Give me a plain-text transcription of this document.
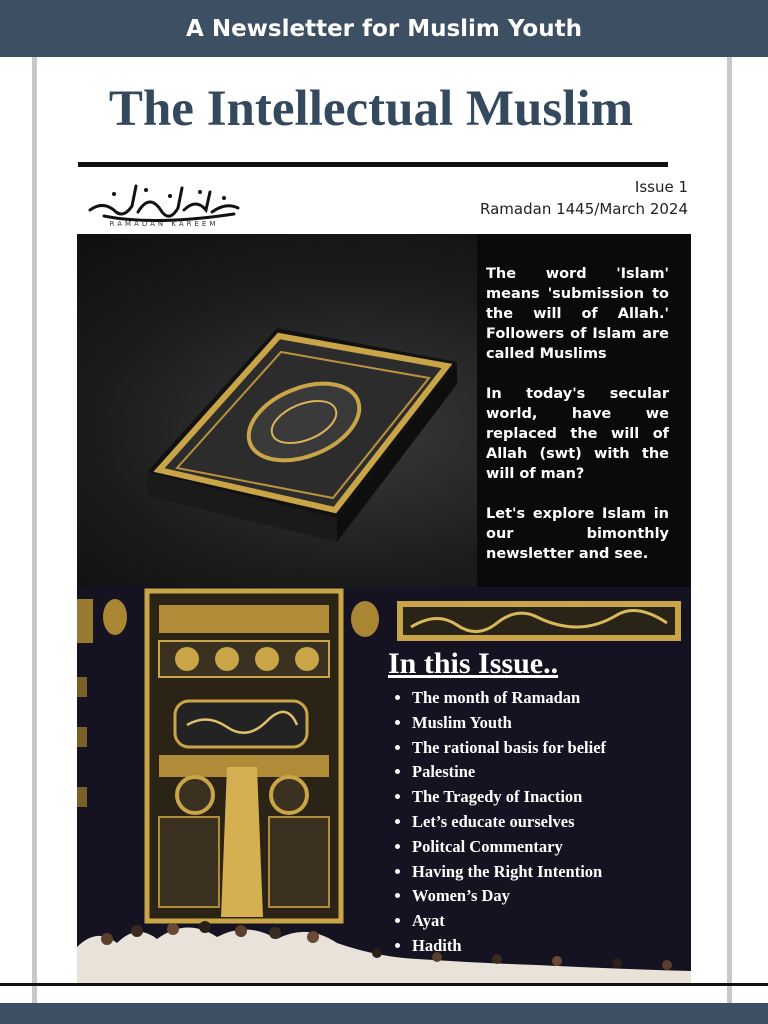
A Newsletter for Muslim Youth
The Intellectual Muslim
RAMADAN KAREEM
Issue 1
Ramadan 1445/March 2024

The word 'Islam' means 'submission to the will of Allah.' Followers of Islam are called Muslims

In today's secular world, have we replaced the will of Allah (swt) with the will of man?

Let's explore Islam in our bimonthly newsletter and see.

In this Issue..
• The month of Ramadan
• Muslim Youth
• The rational basis for belief
• Palestine
• The Tragedy of Inaction
• Let’s educate ourselves
• Politcal Commentary
• Having the Right Intention
• Women’s Day
• Ayat
• Hadith
